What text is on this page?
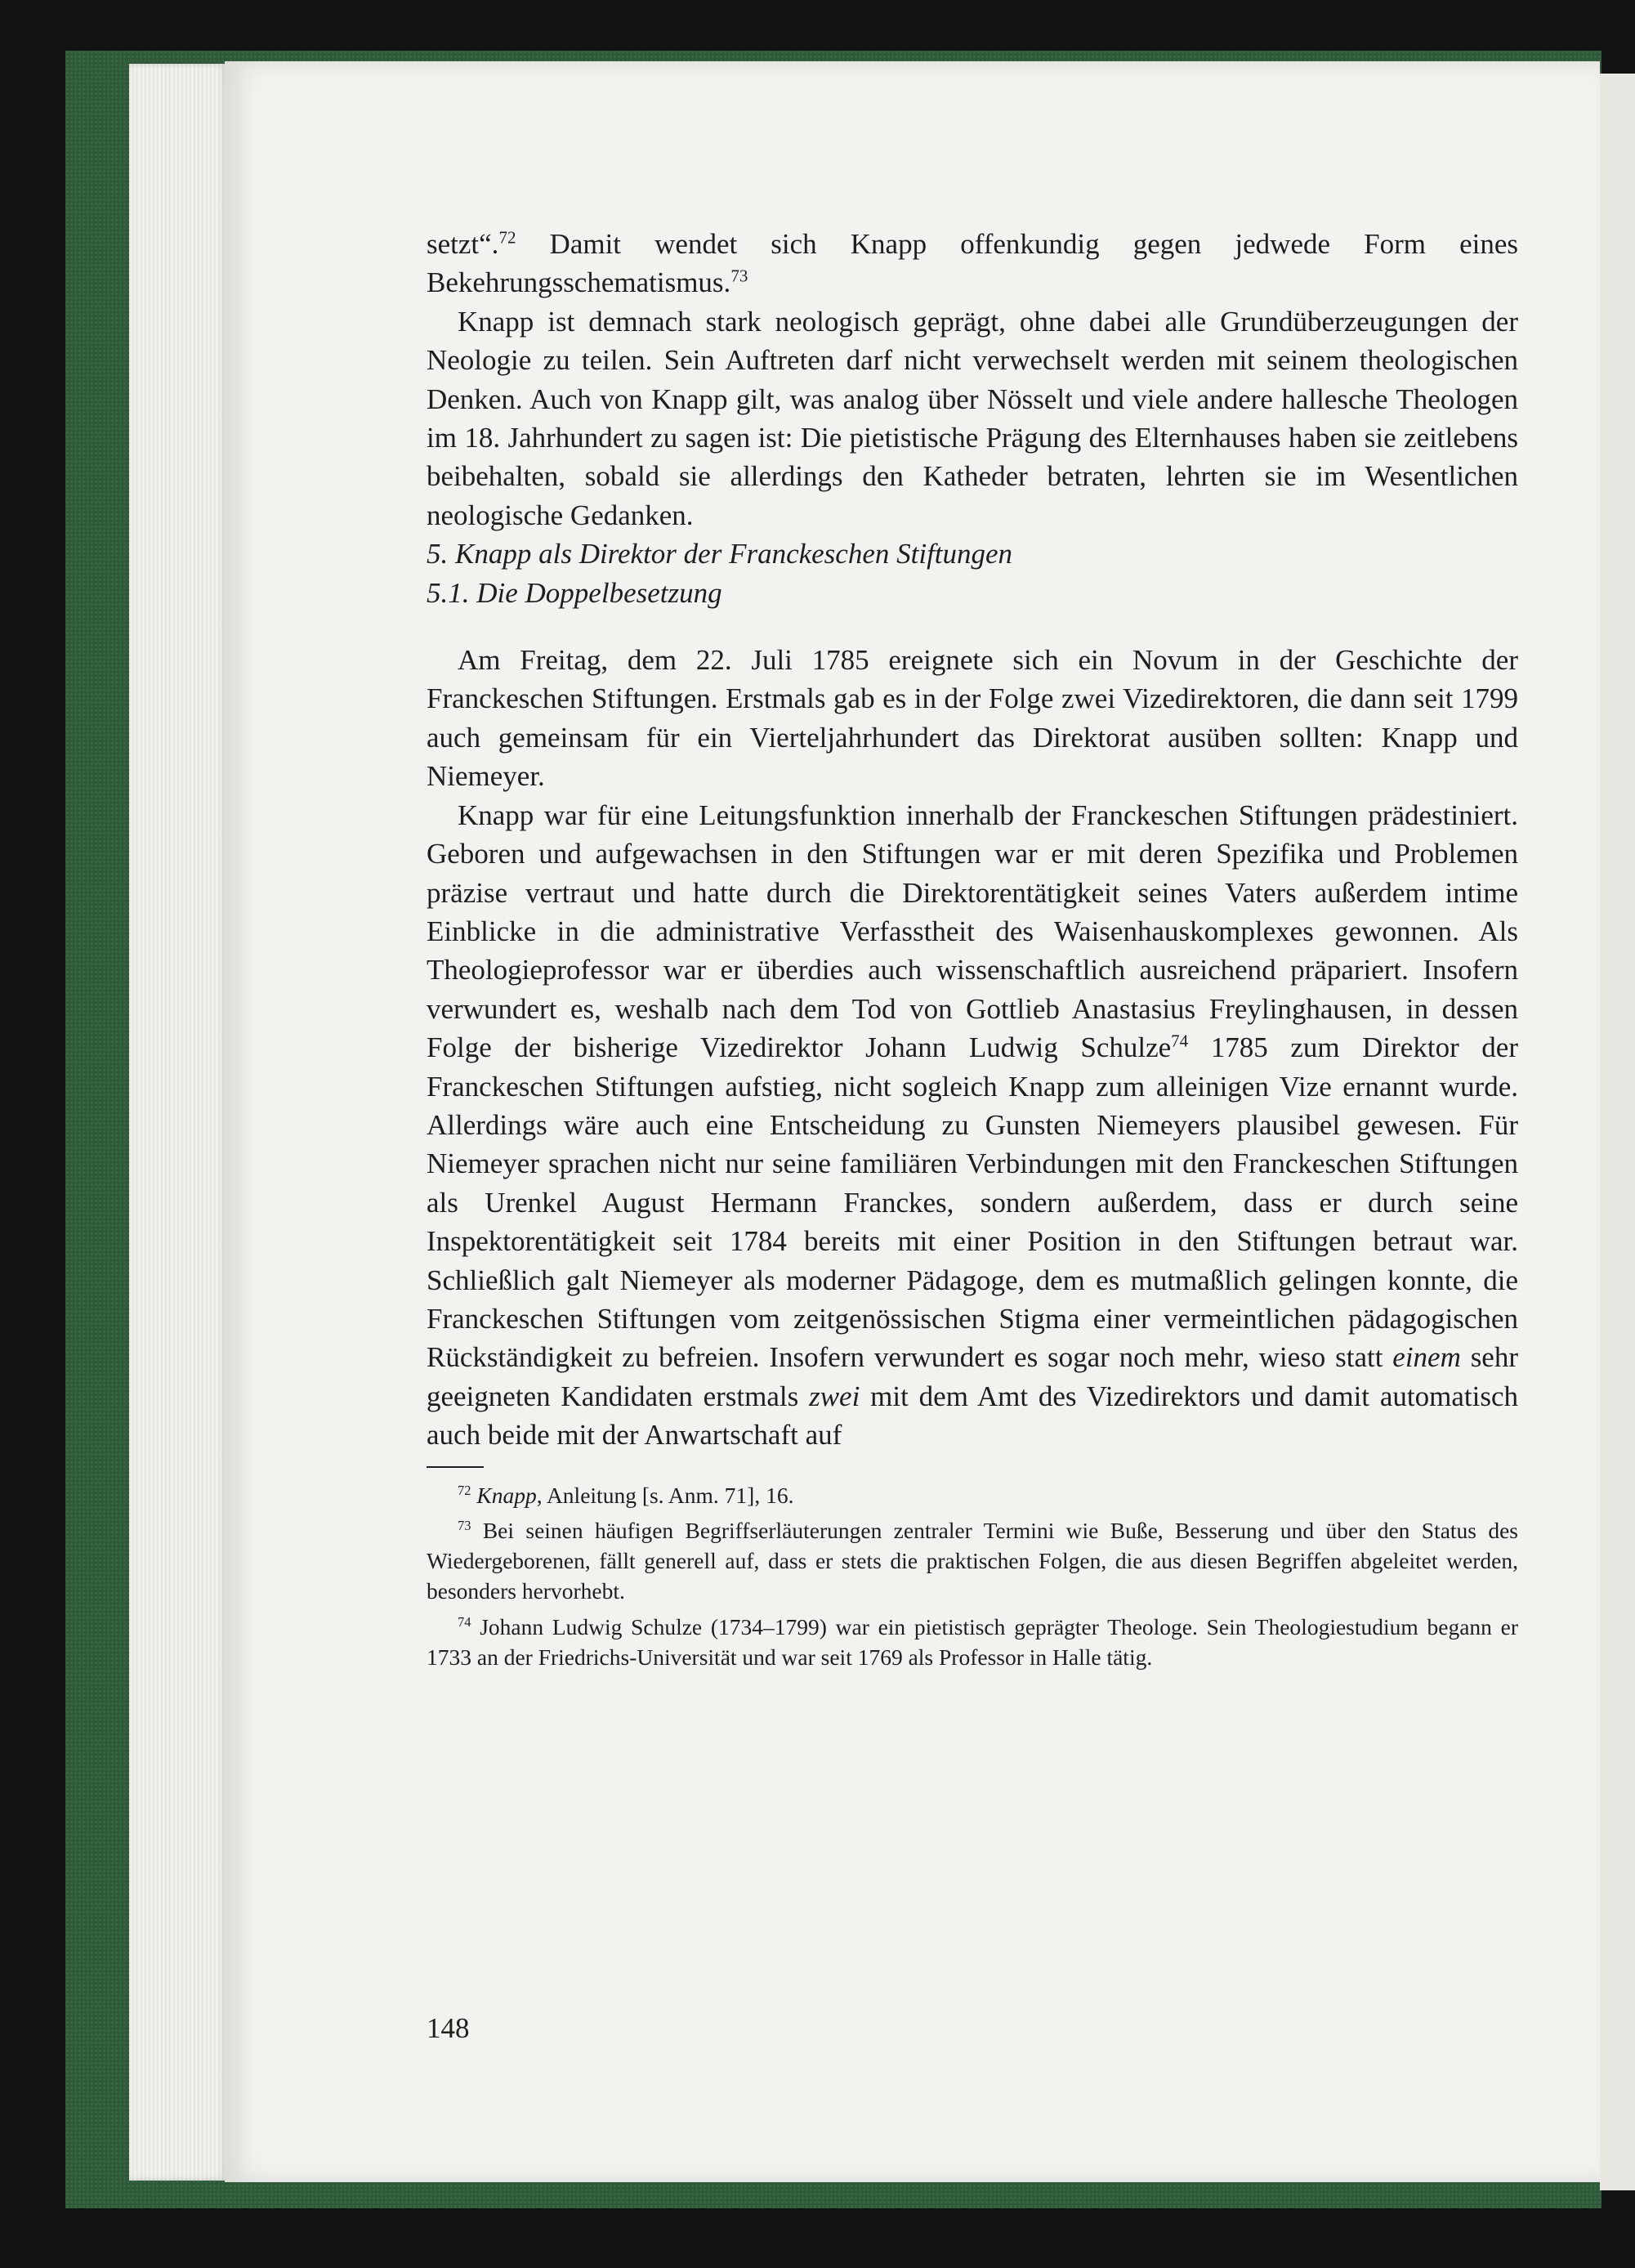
setzt“.$^{72}$ Damit wendet sich Knapp offenkundig gegen jedwede Form eines Bekehrungsschematismus.$^{73}$

Knapp ist demnach stark neologisch geprägt, ohne dabei alle Grundüberzeugungen der Neologie zu teilen. Sein Auftreten darf nicht verwechselt werden mit seinem theologischen Denken. Auch von Knapp gilt, was analog über Nösselt und viele andere hallesche Theologen im 18. Jahrhundert zu sagen ist: Die pietistische Prägung des Elternhauses haben sie zeitlebens beibehalten, sobald sie allerdings den Katheder betraten, lehrten sie im Wesentlichen neologische Gedanken.

5. Knapp als Direktor der Franckeschen Stiftungen

5.1. Die Doppelbesetzung

Am Freitag, dem 22. Juli 1785 ereignete sich ein Novum in der Geschichte der Franckeschen Stiftungen. Erstmals gab es in der Folge zwei Vizedirektoren, die dann seit 1799 auch gemeinsam für ein Vierteljahrhundert das Direktorat ausüben sollten: Knapp und Niemeyer.

Knapp war für eine Leitungsfunktion innerhalb der Franckeschen Stiftungen prädestiniert. Geboren und aufgewachsen in den Stiftungen war er mit deren Spezifika und Problemen präzise vertraut und hatte durch die Direktorentätigkeit seines Vaters außerdem intime Einblicke in die administrative Verfasstheit des Waisenhauskomplexes gewonnen. Als Theologieprofessor war er überdies auch wissenschaftlich ausreichend präpariert. Insofern verwundert es, weshalb nach dem Tod von Gottlieb Anastasius Freylinghausen, in dessen Folge der bisherige Vizedirektor Johann Ludwig Schulze$^{74}$ 1785 zum Direktor der Franckeschen Stiftungen aufstieg, nicht sogleich Knapp zum alleinigen Vize ernannt wurde. Allerdings wäre auch eine Entscheidung zu Gunsten Niemeyers plausibel gewesen. Für Niemeyer sprachen nicht nur seine familiären Verbindungen mit den Franckeschen Stiftungen als Urenkel August Hermann Franckes, sondern außerdem, dass er durch seine Inspektorentätigkeit seit 1784 bereits mit einer Position in den Stiftungen betraut war. Schließlich galt Niemeyer als moderner Pädagoge, dem es mutmaßlich gelingen konnte, die Franckeschen Stiftungen vom zeitgenössischen Stigma einer vermeintlichen pädagogischen Rückständigkeit zu befreien. Insofern verwundert es sogar noch mehr, wieso statt einem sehr geeigneten Kandidaten erstmals zwei mit dem Amt des Vizedirektors und damit automatisch auch beide mit der Anwartschaft auf

$^{72}$ Knapp, Anleitung [s. Anm. 71], 16.

$^{73}$ Bei seinen häufigen Begriffserläuterungen zentraler Termini wie Buße, Besserung und über den Status des Wiedergeborenen, fällt generell auf, dass er stets die praktischen Folgen, die aus diesen Begriffen abgeleitet werden, besonders hervorhebt.

$^{74}$ Johann Ludwig Schulze (1734–1799) war ein pietistisch geprägter Theologe. Sein Theologiestudium begann er 1733 an der Friedrichs-Universität und war seit 1769 als Professor in Halle tätig.

148
